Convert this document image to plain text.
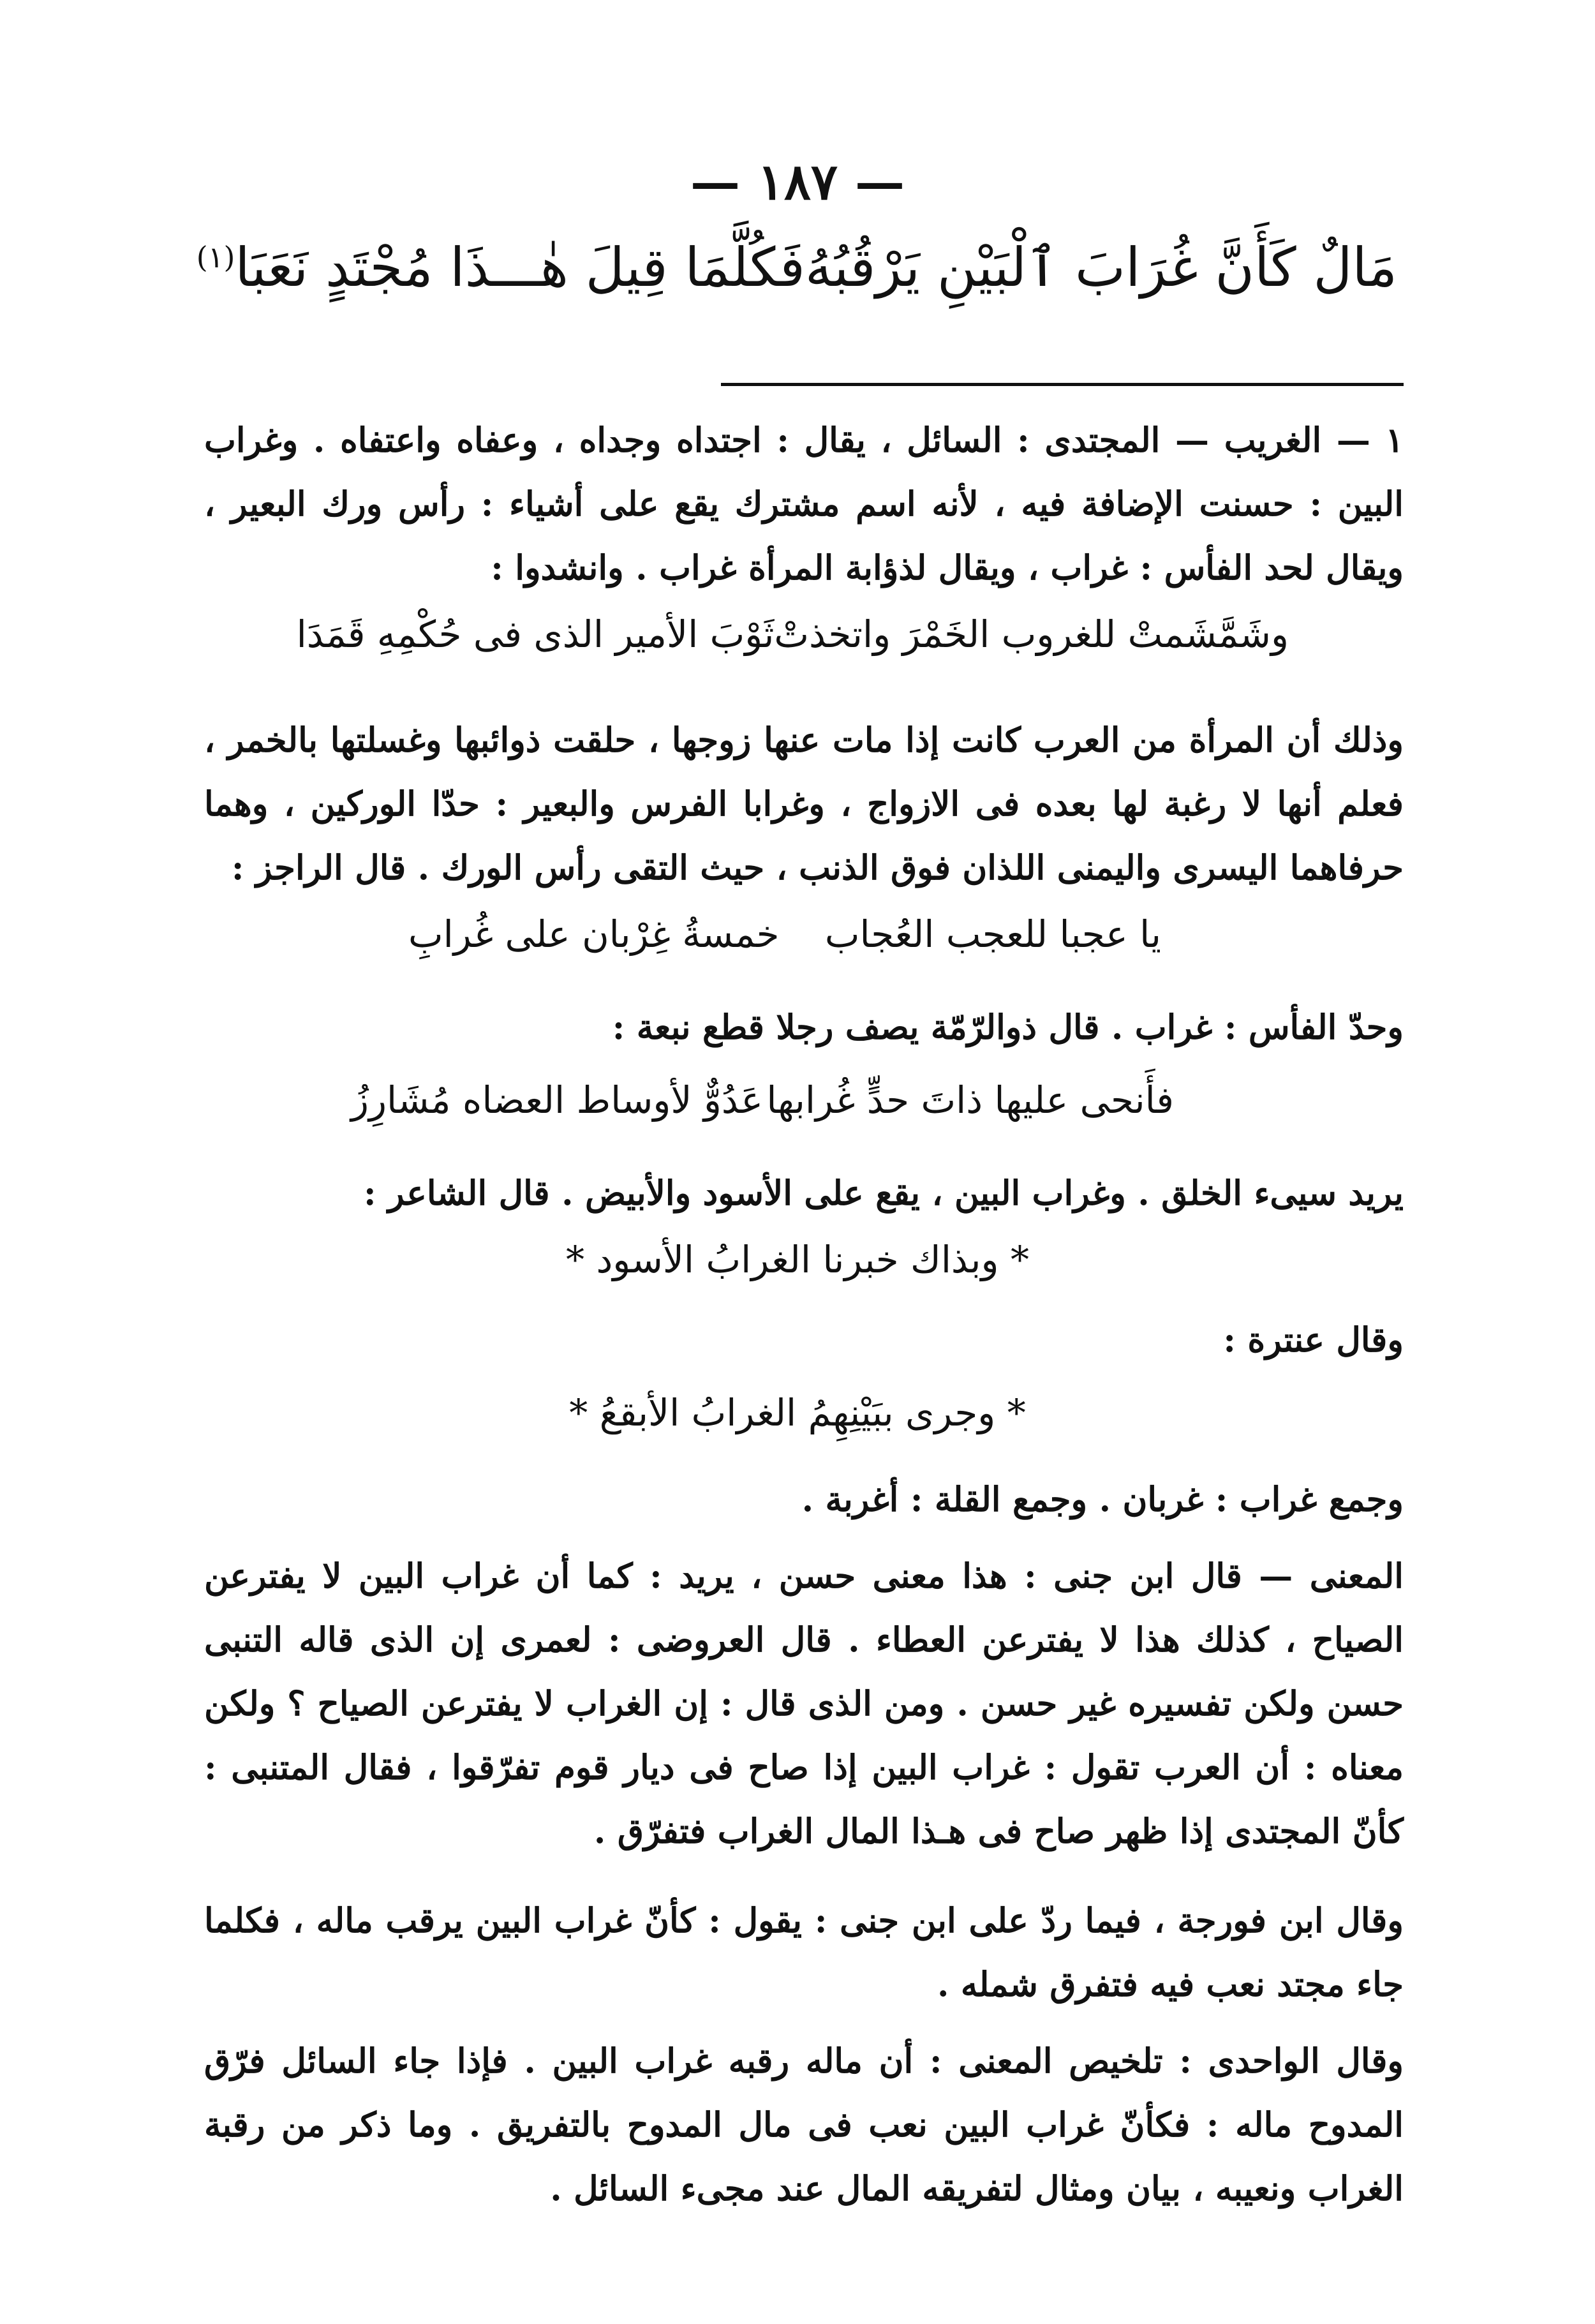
— ١٨٧ —
مَالٌ كَأَنَّ غُرَابَ ٱلْبَيْنِ يَرْقُبُهُ
فَكُلَّمَا قِيلَ هٰـــذَا مُجْتَدٍ نَعَبَا$^{(١)}$
١ — الغريب — المجتدى : السائل ، يقال : اجتداه وجداه ، وعفاه واعتفاه . وغراب البين : حسنت الإضافة فيه ، لأنه اسم مشترك يقع على أشياء : رأس ورك البعير ، ويقال لحد الفأس : غراب ، ويقال لذؤابة المرأة غراب . وانشدوا :
وشَمَّشَمتْ للغروب الخَمْرَ واتخذتْ
ثَوْبَ الأمير الذى فى حُكْمِهِ قَمَدَا
وذلك أن المرأة من العرب كانت إذا مات عنها زوجها ، حلقت ذوائبها وغسلتها بالخمر ، فعلم أنها لا رغبة لها بعده فى الازواج ، وغرابا الفرس والبعير : حدّا الوركين ، وهما حرفاهما اليسرى واليمنى اللذان فوق الذنب ، حيث التقى رأس الورك . قال الراجز :
يا عجبا للعجب العُجاب
خمسةُ غِرْبان على غُرابِ
وحدّ الفأس : غراب . قال ذوالرّمّة يصف رجلا قطع نبعة :
فأَنحى عليها ذاتَ حدٍّ غُرابها
عَدُوٌّ لأوساط العضاه مُشَارِزُ
يريد سيىء الخلق . وغراب البين ، يقع على الأسود والأبيض . قال الشاعر :
* وبذاك خبرنا الغرابُ الأسود *
وقال عنترة :
* وجرى ببَيْنِهِمُ الغرابُ الأبقعُ *
وجمع غراب : غربان . وجمع القلة : أغربة .
المعنى — قال ابن جنى : هذا معنى حسن ، يريد : كما أن غراب البين لا يفترعن الصياح ، كذلك هذا لا يفترعن العطاء . قال العروضى : لعمرى إن الذى قاله التنبى حسن ولكن تفسيره غير حسن . ومن الذى قال : إن الغراب لا يفترعن الصياح ؟ ولكن معناه : أن العرب تقول : غراب البين إذا صاح فى ديار قوم تفرّقوا ، فقال المتنبى : كأنّ المجتدى إذا ظهر صاح فى هـذا المال الغراب فتفرّق .
وقال ابن فورجة ، فيما ردّ على ابن جنى : يقول : كأنّ غراب البين يرقب ماله ، فكلما جاء مجتد نعب فيه فتفرق شمله .
وقال الواحدى : تلخيص المعنى : أن ماله رقبه غراب البين . فإذا جاء السائل فرّق المدوح ماله : فكأنّ غراب البين نعب فى مال المدوح بالتفريق . وما ذكر من رقبة الغراب ونعيبه ، بيان ومثال لتفريقه المال عند مجىء السائل .
